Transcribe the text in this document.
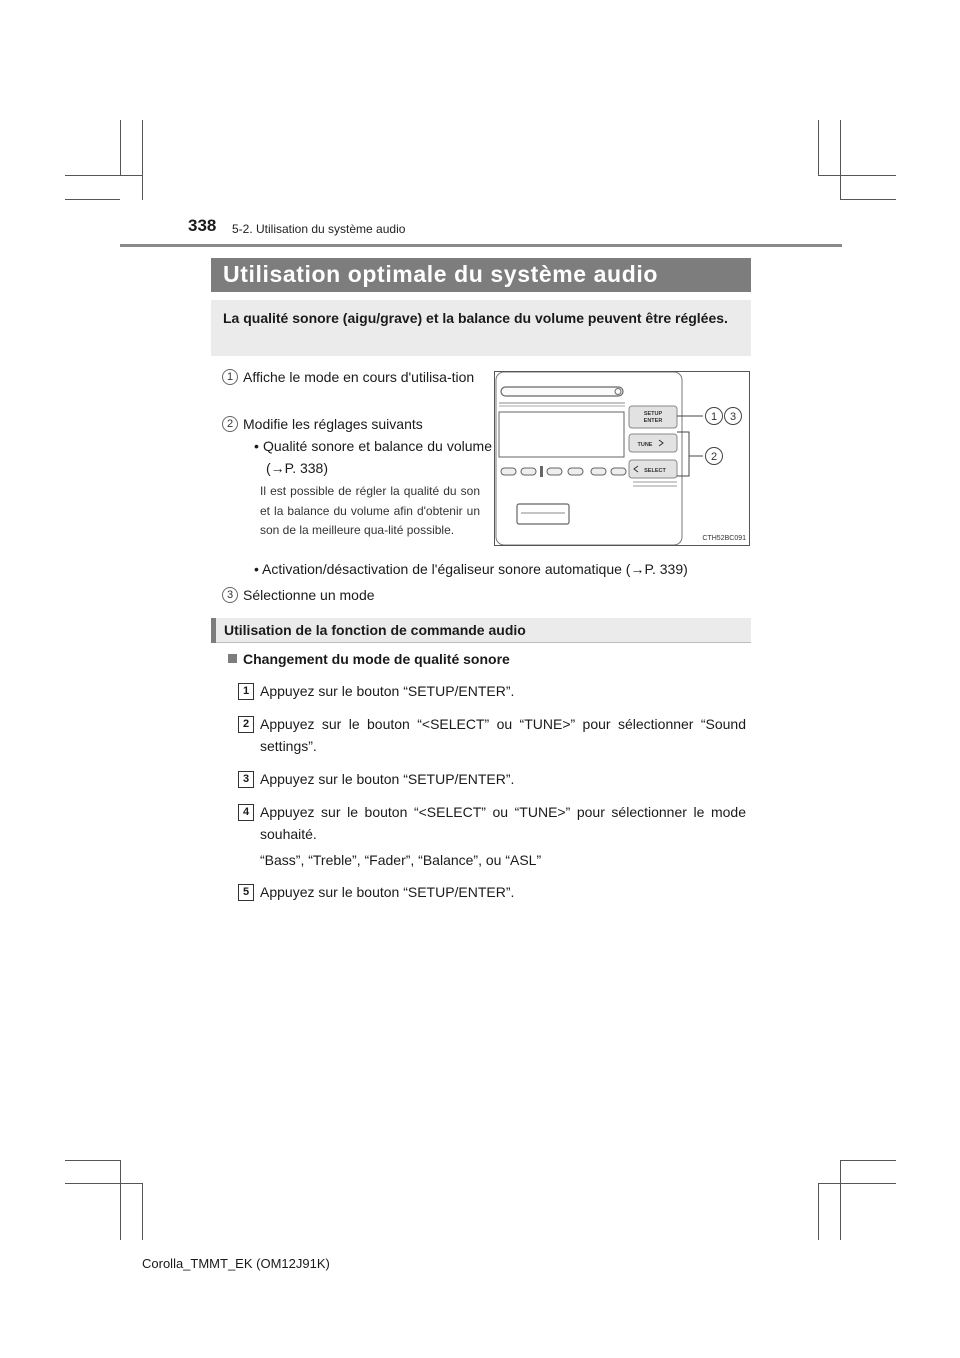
338 5-2. Utilisation du système audio
Utilisation optimale du système audio
La qualité sonore (aigu/grave) et la balance du volume peuvent être réglées.
1 Affiche le mode en cours d'utilisa-tion
2 Modifie les réglages suivants
• Qualité sonore et balance du volume (→P. 338)
Il est possible de régler la qualité du son et la balance du volume afin d'obtenir un son de la meilleure qua-lité possible.
• Activation/désactivation de l'égaliseur sonore automatique (→P. 339)
3 Sélectionne un mode
SETUP
ENTER
TUNE
SELECT
1 3
2
CTH52BC091
Utilisation de la fonction de commande audio
Changement du mode de qualité sonore
1 Appuyez sur le bouton “SETUP/ENTER”.
2 Appuyez sur le bouton “<SELECT” ou “TUNE>” pour sélectionner “Sound settings”.
3 Appuyez sur le bouton “SETUP/ENTER”.
4 Appuyez sur le bouton “<SELECT” ou “TUNE>” pour sélectionner le mode souhaité.
“Bass”, “Treble”, “Fader”, “Balance”, ou “ASL”
5 Appuyez sur le bouton “SETUP/ENTER”.
Corolla_TMMT_EK (OM12J91K)
